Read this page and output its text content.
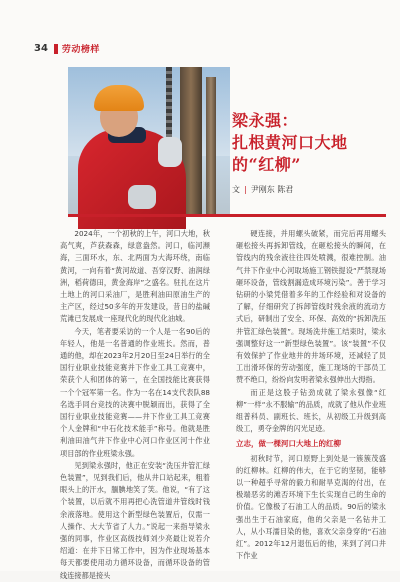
34 劳动榜样
梁永强：
扎根黄河口大地
的“红柳”
文 | 尹刚东 陈君

2024年，一个初秋的上午，河口大地，秋高气爽，芦获森森，绿意盎然。河口，临河濒海，三面环水，东、北两面为大海环绕，南临黄河，一向有着“黄河故道、吾穿汉野、油润绿洲，稻荷德田，黄金海岸”之盛名。驻扎在这片土地上的河口采油厂，是胜利油田原油生产的主产区，经过50多年的开发建设，昔日的盐碱荒滩已发展成一座现代化的现代化油城。

今天，笔者要采访的一个人是一名90后的年轻人，他是一名普通的作业班长。然而，普通的他，却在2023年2月20日至24日举行的全国行业职业技能竞赛并下作业工具工竞赛中，荣获个人和团体的第一，在全国技能比赛获得一个个冠军第一名。作为一名在14支代表队88名选手同台竞技的决赛中脱颖而出，获得了全国行业职业技能竞赛——井下作业工具工竞赛个人金牌和“中石化技术能手”称号。他就是胜利油田油气井下作业中心河口作业区河十作业项目部的作业班梁永强。

见到梁永强时，他正在安装“洗压井管汇绿色装置”，见到我们后，他从井口站起来，粗着眼头上的汗水，腼腆地笑了笑。他说，“有了这个装置，以后就不用再把心洗管道井管线时钱余液落地。使用这个新型绿色装置后，仅需一人操作、大大节省了人力。”说起一来指导梁永强的同事，作业区高级技师刘少亮最让说若介绍道：在井下日常工作中，因为作业现场基本每天都要使用动力循环设备，而循环设备的管线连接都是接头

硬连接，并用螺头破紧，而完后再用螺头砸松接头再拆卸管线，在砸松接头的瞬间，在管线内的残余液往往四处喷溅，很难控制。油气井下作业中心河取场施工钢铁提设“严禁现场砸环设备，管线割漏造成环境污染”。善于学习钻研的小梁凭借着多年的工作经验和对设备的了解，仔细研究了拆卸管线时残余液的流动方式后，研制出了安全、环保、高效的“拆卸洗压井管汇绿色装置”。现场洗井施工结束时，梁永强调整好这一“新型绿色装置”。该“装置”不仅有效保护了作业地井的井场环境，还减轻了员工出滑环保的劳动强度，施工现场的干部员工赞不绝口，纷纷向发明者梁永强伸出大拇指。

而正是这股子钻劲成就了梁永强像“红柳”一样“永不服输”的品质，成就了他从作业班组普科员、副班长、班长，从初级工升级到高级工，勇夺金牌的闪光足迹。

立志，做一棵河口大地上的红柳

初秋时节，河口原野上到处是一簇簇茂盛的红柳林。红柳的伟大，在于它的坚韧，能够以一种超乎寻常的毅力和耐旱克渴的付出，在极端恶劣的滩否环境下生长实现自己的生命的价值。它像极了石油工人的品质。90后的梁永强出生于石油家庭，他的父亲是一名钻井工人，从小耳濡目染的他，喜欢父亲身穿的“石油红”。2012年12月退伍后的他，来到了河口井下作业
